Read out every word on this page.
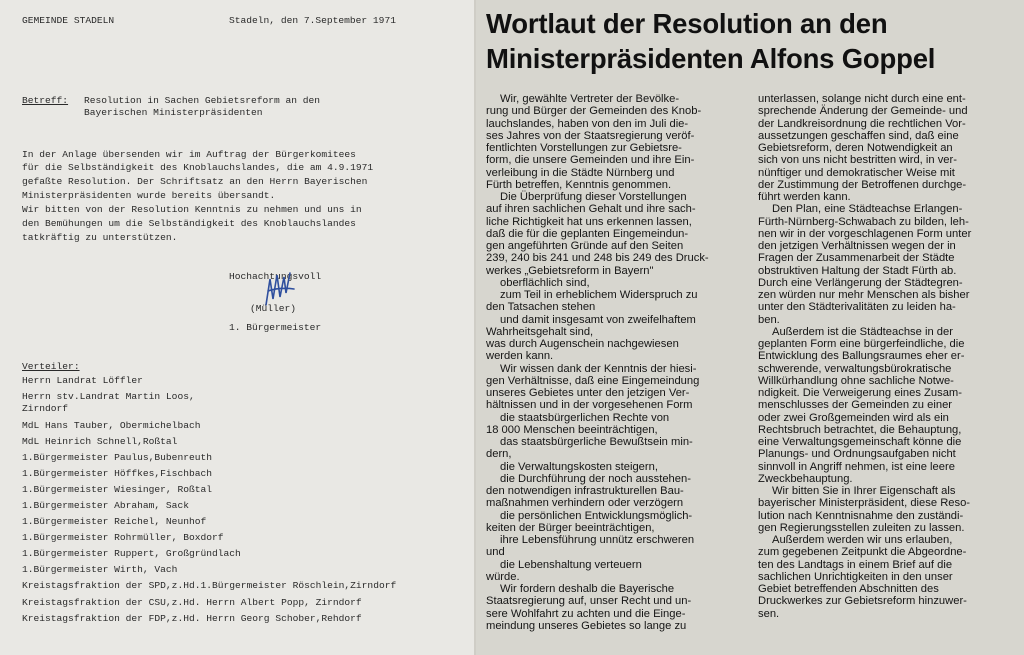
GEMEINDE STADELN	Stadeln, den 7.September 1971
Betreff: Resolution in Sachen Gebietsreform an den
Bayerischen Ministerpräsidenten
In der Anlage übersenden wir im Auftrag der Bürgerkomitees
für die Selbständigkeit des Knoblauchslandes, die am 4.9.1971
gefaßte Resolution. Der Schriftsatz an den Herrn Bayerischen
Ministerpräsidenten wurde bereits übersandt.
Wir bitten von der Resolution Kenntnis zu nehmen und uns in
den Bemühungen um die Selbständigkeit des Knoblauchslandes
tatkräftig zu unterstützen.
Hochachtungsvoll
(Müller)
1. Bürgermeister
Verteiler:
Herrn Landrat Löffler
Herrn stv.Landrat Martin Loos,
Zirndorf
MdL Hans Tauber, Obermichelbach
MdL Heinrich Schnell,Roßtal
1.Bürgermeister Paulus,Bubenreuth
1.Bürgermeister Höffkes,Fischbach
1.Bürgermeister Wiesinger, Roßtal
1.Bürgermeister Abraham, Sack
1.Bürgermeister Reichel, Neunhof
1.Bürgermeister Rohrmüller, Boxdorf
1.Bürgermeister Ruppert, Großgründlach
1.Bürgermeister Wirth, Vach
Kreistagsfraktion der SPD,z.Hd.1.Bürgermeister Röschlein,Zirndorf
Kreistagsfraktion der CSU,z.Hd. Herrn Albert Popp, Zirndorf
Kreistagsfraktion der FDP,z.Hd. Herrn Georg Schober,Rehdorf
Wortlaut der Resolution an den
Ministerpräsidenten Alfons Goppel

Wir, gewählte Vertreter der Bevölke-

rung und Bürger der Gemeinden des Knob-

lauchslandes, haben von den im Juli die-

ses Jahres von der Staatsregierung veröf-

fentlichten Vorstellungen zur Gebietsre-

form, die unsere Gemeinden und ihre Ein-

verleibung in die Städte Nürnberg und

Fürth betreffen, Kenntnis genommen.

Die Überprüfung dieser Vorstellungen

auf ihren sachlichen Gehalt und ihre sach-

liche Richtigkeit hat uns erkennen lassen,

daß die für die geplanten Eingemeindun-

gen angeführten Gründe auf den Seiten

239, 240 bis 241 und 248 bis 249 des Druck-

werkes „Gebietsreform in Bayern"

oberflächlich sind,

zum Teil in erheblichem Widerspruch zu

den Tatsachen stehen

und damit insgesamt von zweifelhaftem

Wahrheitsgehalt sind,

was durch Augenschein nachgewiesen

werden kann.

Wir wissen dank der Kenntnis der hiesi-

gen Verhältnisse, daß eine Eingemeindung

unseres Gebietes unter den jetzigen Ver-

hältnissen und in der vorgesehenen Form

die staatsbürgerlichen Rechte von

18 000 Menschen beeinträchtigen,

das staatsbürgerliche Bewußtsein min-

dern,

die Verwaltungskosten steigern,

die Durchführung der noch ausstehen-

den notwendigen infrastrukturellen Bau-

maßnahmen verhindern oder verzögern

die persönlichen Entwicklungsmöglich-

keiten der Bürger beeinträchtigen,

ihre Lebensführung unnütz erschweren

und

die Lebenshaltung verteuern

würde.

Wir fordern deshalb die Bayerische

Staatsregierung auf, unser Recht und un-

sere Wohlfahrt zu achten und die Einge-

meindung unseres Gebietes so lange zu

unterlassen, solange nicht durch eine ent-

sprechende Änderung der Gemeinde- und

der Landkreisordnung die rechtlichen Vor-

aussetzungen geschaffen sind, daß eine

Gebietsreform, deren Notwendigkeit an

sich von uns nicht bestritten wird, in ver-

nünftiger und demokratischer Weise mit

der Zustimmung der Betroffenen durchge-

führt werden kann.

Den Plan, eine Städteachse Erlangen-

Fürth-Nürnberg-Schwabach zu bilden, leh-

nen wir in der vorgeschlagenen Form unter

den jetzigen Verhältnissen wegen der in

Fragen der Zusammenarbeit der Städte

obstruktiven Haltung der Stadt Fürth ab.

Durch eine Verlängerung der Städtegren-

zen würden nur mehr Menschen als bisher

unter den Städterivalitäten zu leiden ha-

ben.

Außerdem ist die Städteachse in der

geplanten Form eine bürgerfeindliche, die

Entwicklung des Ballungsraumes eher er-

schwerende, verwaltungsbürokratische

Willkürhandlung ohne sachliche Notwe-

ndigkeit. Die Verweigerung eines Zusam-

menschlusses der Gemeinden zu einer

oder zwei Großgemeinden wird als ein

Rechtsbruch betrachtet, die Behauptung,

eine Verwaltungsgemeinschaft könne die

Planungs- und Ordnungsaufgaben nicht

sinnvoll in Angriff nehmen, ist eine leere

Zweckbehauptung.

Wir bitten Sie in Ihrer Eigenschaft als

bayerischer Ministerpräsident, diese Reso-

lution nach Kenntnisnahme den zuständi-

gen Regierungsstellen zuleiten zu lassen.

Außerdem werden wir uns erlauben,

zum gegebenen Zeitpunkt die Abgeordne-

ten des Landtags in einem Brief auf die

sachlichen Unrichtigkeiten in den unser

Gebiet betreffenden Abschnitten des

Druckwerkes zur Gebietsreform hinzuwer-

sen.
